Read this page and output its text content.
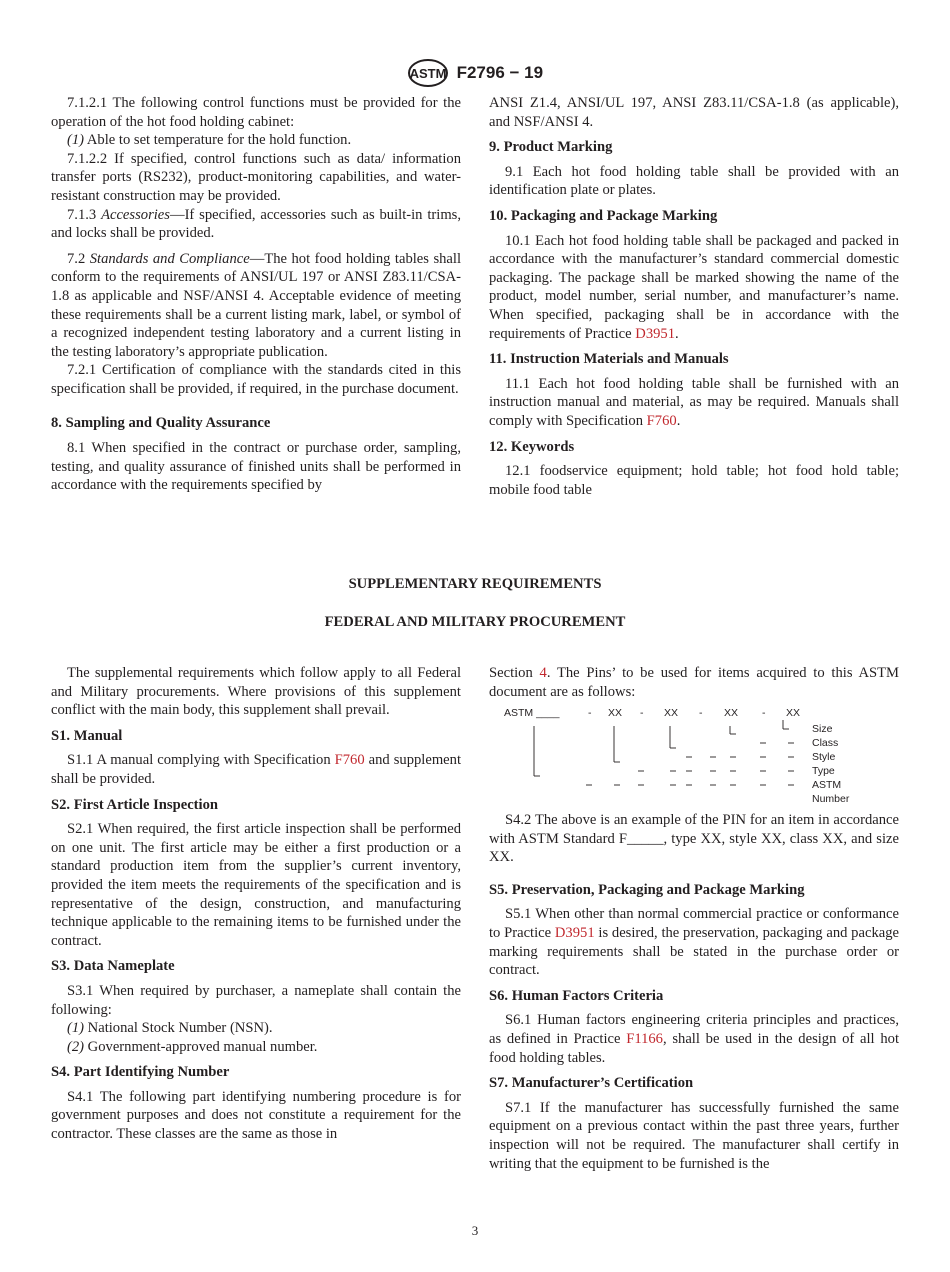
ASTM F2796 − 19

7.1.2.1 The following control functions must be provided for the operation of the hot food holding cabinet:

(1) Able to set temperature for the hold function.

7.1.2.2 If specified, control functions such as data/ information transfer ports (RS232), product-monitoring capabilities, and water-resistant construction may be provided.

7.1.3 Accessories—If specified, accessories such as built-in trims, and locks shall be provided.

7.2 Standards and Compliance—The hot food holding tables shall conform to the requirements of ANSI/UL 197 or ANSI Z83.11/CSA-1.8 as applicable and NSF/ANSI 4. Acceptable evidence of meeting these requirements shall be a current listing mark, label, or symbol of a recognized independent testing laboratory and a current listing in the testing laboratory’s appropriate publication.

7.2.1 Certification of compliance with the standards cited in this specification shall be provided, if required, in the purchase document.

8. Sampling and Quality Assurance

8.1 When specified in the contract or purchase order, sampling, testing, and quality assurance of finished units shall be performed in accordance with the requirements specified by

ANSI Z1.4, ANSI/UL 197, ANSI Z83.11/CSA-1.8 (as applicable), and NSF/ANSI 4.

9. Product Marking

9.1 Each hot food holding table shall be provided with an identification plate or plates.

10. Packaging and Package Marking

10.1 Each hot food holding table shall be packaged and packed in accordance with the manufacturer’s standard commercial domestic packaging. The package shall be marked showing the name of the product, model number, serial number, and manufacturer’s name. When specified, packaging shall be in accordance with the requirements of Practice D3951.

11. Instruction Materials and Manuals

11.1 Each hot food holding table shall be furnished with an instruction manual and material, as may be required. Manuals shall comply with Specification F760.

12. Keywords

12.1 foodservice equipment; hold table; hot food hold table; mobile food table

SUPPLEMENTARY REQUIREMENTS
FEDERAL AND MILITARY PROCUREMENT

The supplemental requirements which follow apply to all Federal and Military procurements. Where provisions of this supplement conflict with the main body, this supplement shall prevail.

S1. Manual

S1.1 A manual complying with Specification F760 and supplement shall be provided.

S2. First Article Inspection

S2.1 When required, the first article inspection shall be performed on one unit. The first article may be either a first production or a standard production item from the supplier’s current inventory, provided the item meets the requirements of the specification and is representative of the design, construction, and manufacturing technique applicable to the remaining items to be furnished under the contract.

S3. Data Nameplate

S3.1 When required by purchaser, a nameplate shall contain the following:

(1) National Stock Number (NSN).

(2) Government-approved manual number.

S4. Part Identifying Number

S4.1 The following part identifying numbering procedure is for government purposes and does not constitute a requirement for the contractor. These classes are the same as those in

Section 4. The Pins’ to be used for items acquired to this ASTM document are as follows:

ASTM ____	- XX - XX - XX - XX
Size
Class
Style
Type
ASTM
Number

S4.2 The above is an example of the PIN for an item in accordance with ASTM Standard F_____, type XX, style XX, class XX, and size XX.

S5. Preservation, Packaging and Package Marking

S5.1 When other than normal commercial practice or conformance to Practice D3951 is desired, the preservation, packaging and package marking requirements shall be stated in the purchase order or contract.

S6. Human Factors Criteria

S6.1 Human factors engineering criteria principles and practices, as defined in Practice F1166, shall be used in the design of all hot food holding tables.

S7. Manufacturer’s Certification

S7.1 If the manufacturer has successfully furnished the same equipment on a previous contact within the past three years, further inspection will not be required. The manufacturer shall certify in writing that the equipment to be furnished is the

3
